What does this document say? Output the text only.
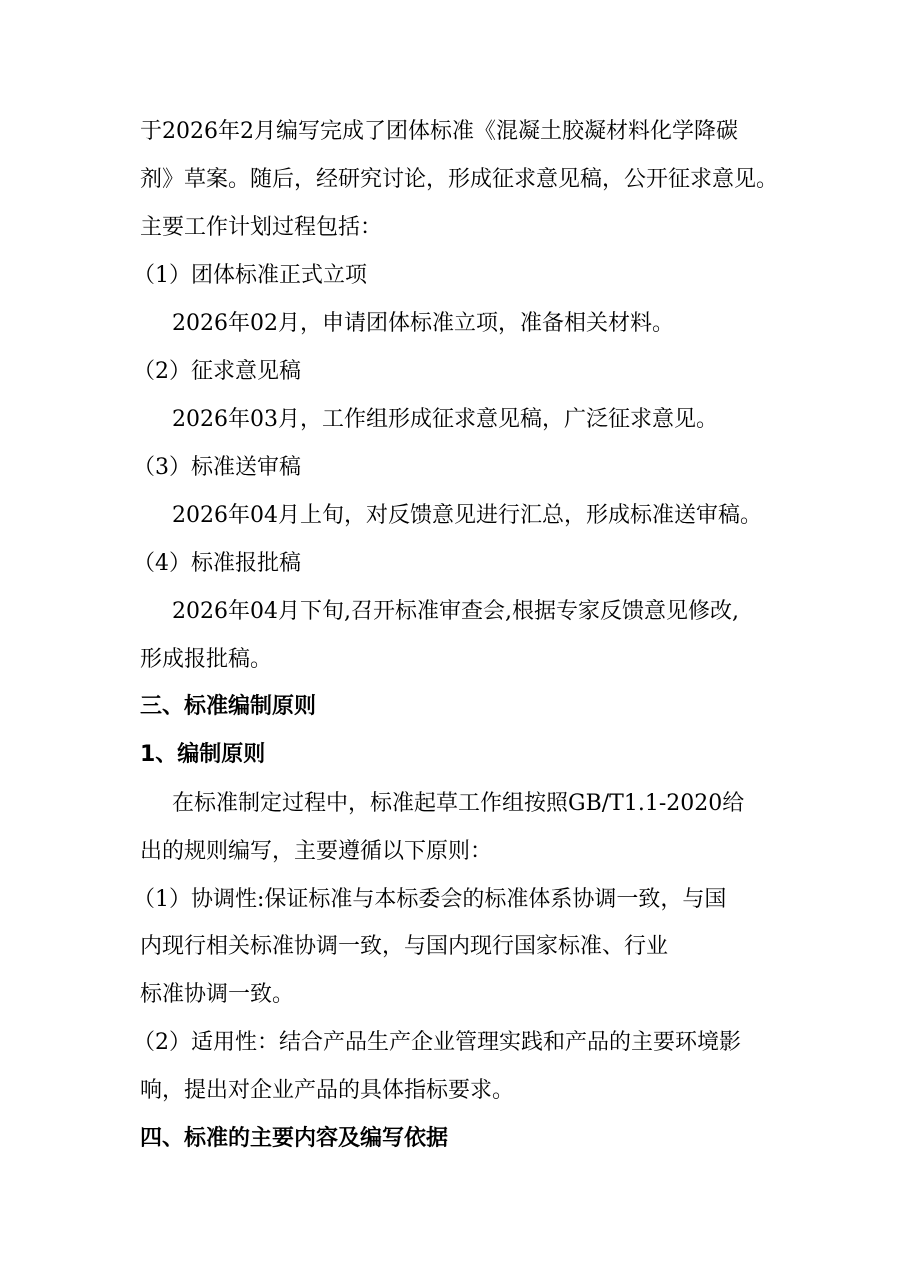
于2026年2月编写完成了团体标准《混凝土胶凝材料化学降碳
剂》草案。随后，经研究讨论，形成征求意见稿，公开征求意见。
主要工作计划过程包括：
（1）团体标准正式立项
2026年02月，申请团体标准立项，准备相关材料。
（2）征求意见稿
2026年03月，工作组形成征求意见稿，广泛征求意见。
（3）标准送审稿
2026年04月上旬，对反馈意见进行汇总，形成标准送审稿。
（4）标准报批稿
2026年04月下旬,召开标准审查会,根据专家反馈意见修改,
形成报批稿。
三、标准编制原则
1、编制原则
在标准制定过程中，标准起草工作组按照GB/T1.1-2020给
出的规则编写，主要遵循以下原则：
（1）协调性:保证标准与本标委会的标准体系协调一致，与国
内现行相关标准协调一致，与国内现行国家标准、行业
标准协调一致。
（2）适用性：结合产品生产企业管理实践和产品的主要环境影
响，提出对企业产品的具体指标要求。
四、标准的主要内容及编写依据
